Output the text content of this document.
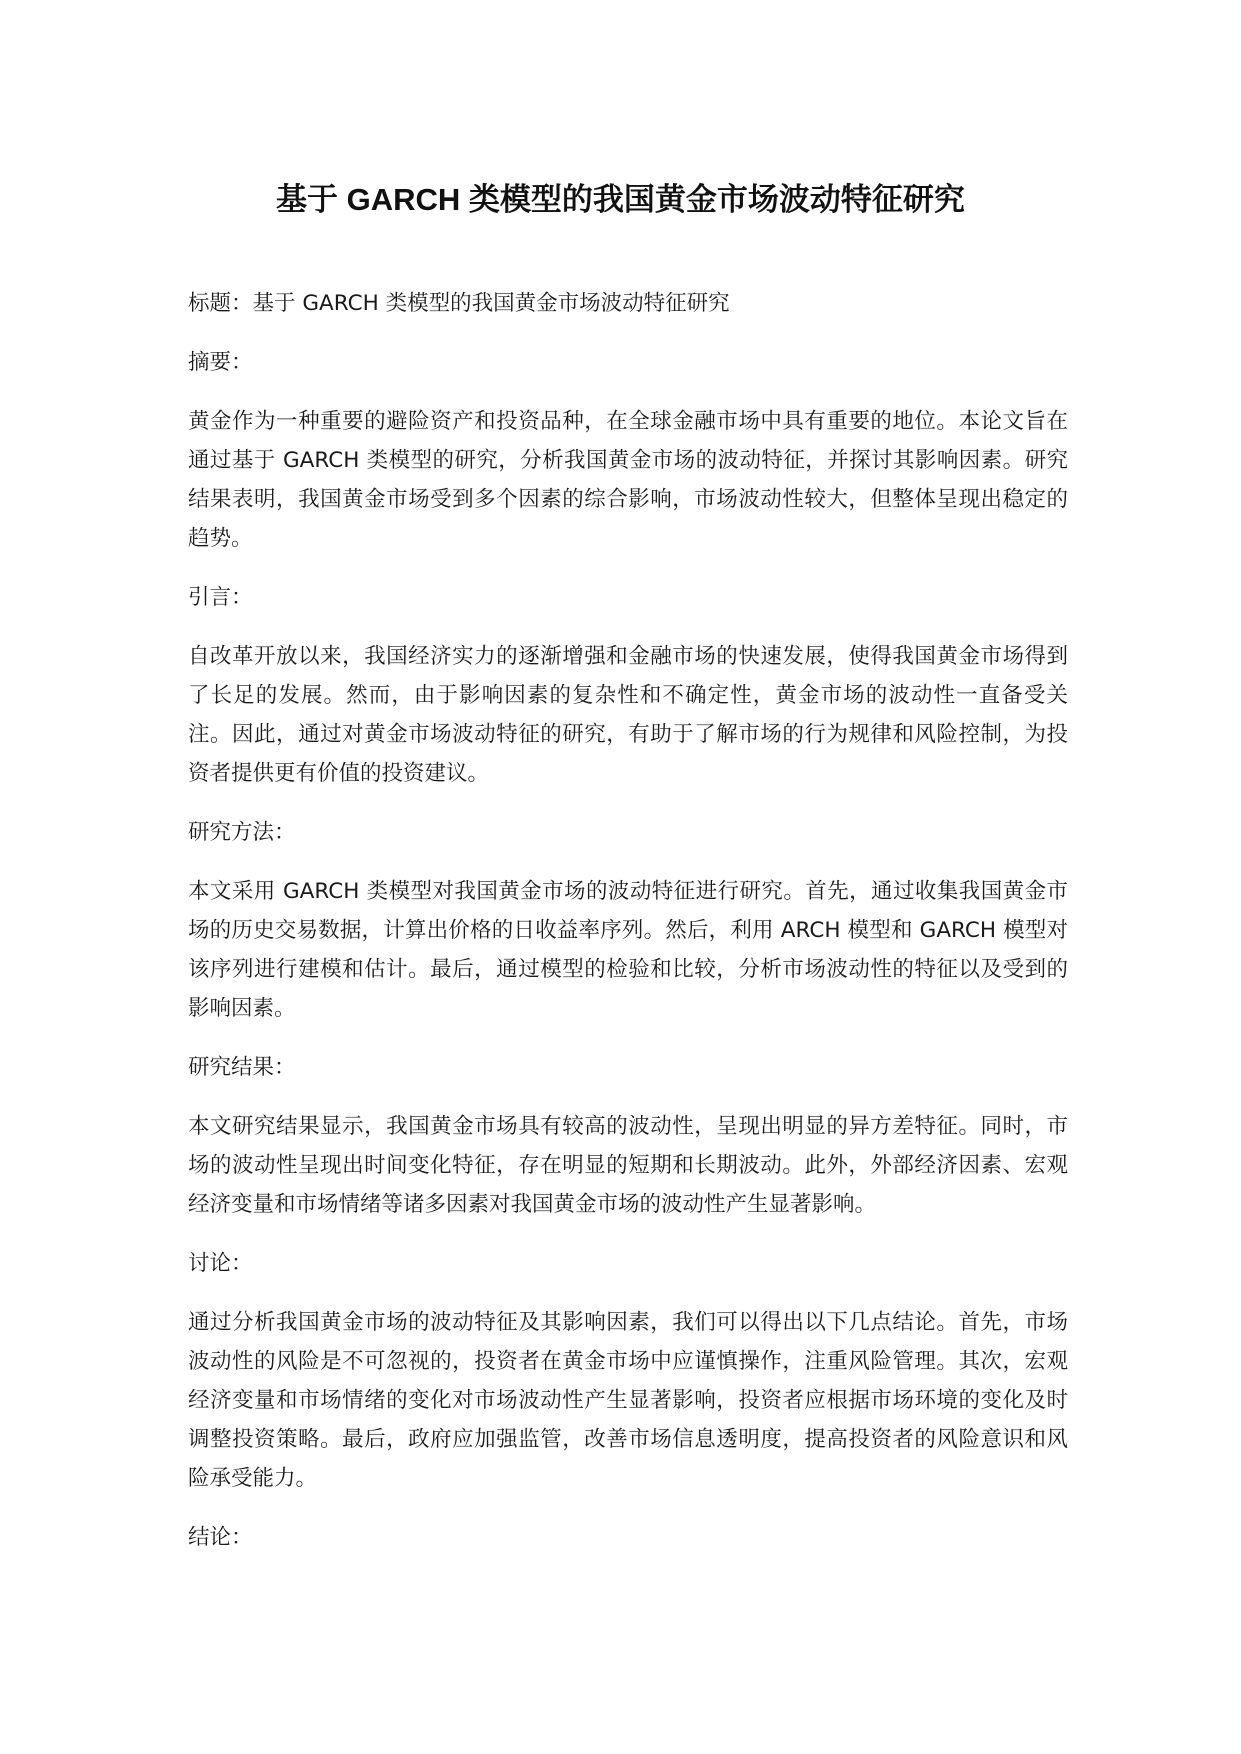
基于 GARCH 类模型的我国黄金市场波动特征研究

标题：基于 GARCH 类模型的我国黄金市场波动特征研究

摘要：

黄金作为一种重要的避险资产和投资品种，在全球金融市场中具有重要的地位。本论文旨在通过基于 GARCH 类模型的研究，分析我国黄金市场的波动特征，并探讨其影响因素。研究结果表明，我国黄金市场受到多个因素的综合影响，市场波动性较大，但整体呈现出稳定的趋势。

引言：

自改革开放以来，我国经济实力的逐渐增强和金融市场的快速发展，使得我国黄金市场得到了长足的发展。然而，由于影响因素的复杂性和不确定性，黄金市场的波动性一直备受关注。因此，通过对黄金市场波动特征的研究，有助于了解市场的行为规律和风险控制，为投资者提供更有价值的投资建议。

研究方法：

本文采用 GARCH 类模型对我国黄金市场的波动特征进行研究。首先，通过收集我国黄金市场的历史交易数据，计算出价格的日收益率序列。然后，利用 ARCH 模型和 GARCH 模型对该序列进行建模和估计。最后，通过模型的检验和比较，分析市场波动性的特征以及受到的影响因素。

研究结果：

本文研究结果显示，我国黄金市场具有较高的波动性，呈现出明显的异方差特征。同时，市场的波动性呈现出时间变化特征，存在明显的短期和长期波动。此外，外部经济因素、宏观经济变量和市场情绪等诸多因素对我国黄金市场的波动性产生显著影响。

讨论：

通过分析我国黄金市场的波动特征及其影响因素，我们可以得出以下几点结论。首先，市场波动性的风险是不可忽视的，投资者在黄金市场中应谨慎操作，注重风险管理。其次，宏观经济变量和市场情绪的变化对市场波动性产生显著影响，投资者应根据市场环境的变化及时调整投资策略。最后，政府应加强监管，改善市场信息透明度，提高投资者的风险意识和风险承受能力。

结论：
